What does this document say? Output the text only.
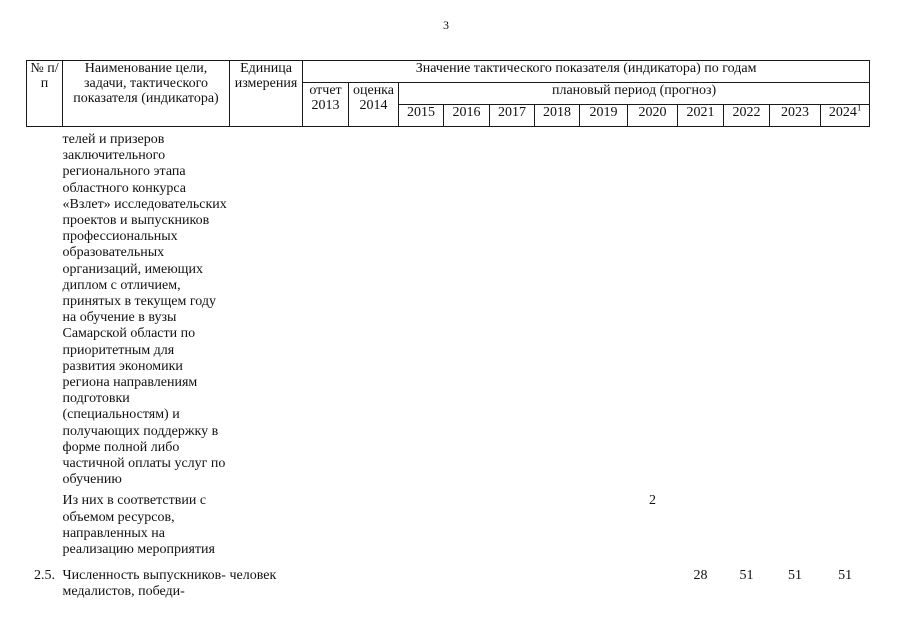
3
№ п/п	Наименование цели, задачи, тактического показателя (индикатора)	Единица измерения	Значение тактического показателя (индикатора) по годам											
			отчет 2013	оценка 2014	плановый период (прогноз)									
					2015	2016	2017	2018	2019	2020	2021	2022	2023	2024$^1$
	телей и призеров заключительного регионального этапа областного конкурса «Взлет» исследовательских проектов и выпускников профессиональных образовательных организаций, имеющих диплом с отличием, принятых в текущем году на обучение в вузы Самарской области по приоритетным для развития экономики региона направлениям подготовки (специальностям) и получающих поддержку в форме полной либо частичной оплаты услуг по обучению													
	Из них в соответствии с объемом ресурсов, направленных на реализацию мероприятия									2				
2.5.	Численность выпускников-медалистов, победи-	человек									28	51	51	51
